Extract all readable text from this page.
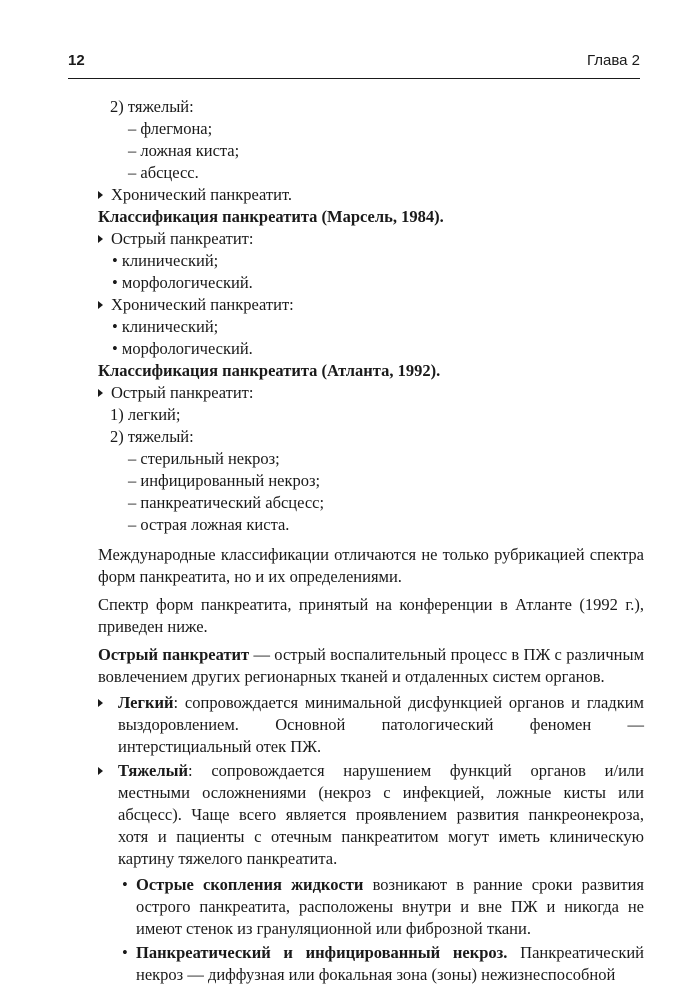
12	Глава 2
2) тяжелый:
– флегмона;
– ложная киста;
– абсцесс.
Хронический панкреатит.
Классификация панкреатита (Марсель, 1984).
Острый панкреатит:
• клинический;
• морфологический.
Хронический панкреатит:
• клинический;
• морфологический.
Классификация панкреатита (Атланта, 1992).
Острый панкреатит:
1) легкий;
2) тяжелый:
– стерильный некроз;
– инфицированный некроз;
– панкреатический абсцесс;
– острая ложная киста.

Международные классификации отличаются не только рубрикацией спектра форм панкреатита, но и их определениями.

Спектр форм панкреатита, принятый на конференции в Атланте (1992 г.), приведен ниже.

Острый панкреатит — острый воспалительный процесс в ПЖ с различным вовлечением других регионарных тканей и отдаленных систем органов.

Легкий: сопровождается минимальной дисфункцией органов и гладким выздоровлением. Основной патологический феномен — интерстициальный отек ПЖ.
Тяжелый: сопровождается нарушением функций органов и/или местными осложнениями (некроз с инфекцией, ложные кисты или абсцесс). Чаще всего является проявлением развития панкреонекроза, хотя и пациенты с отечным панкреатитом могут иметь клиническую картину тяжелого панкреатита.
• Острые скопления жидкости возникают в ранние сроки развития острого панкреатита, расположены внутри и вне ПЖ и никогда не имеют стенок из грануляционной или фиброзной ткани.
• Панкреатический и инфицированный некроз. Панкреатический некроз — диффузная или фокальная зона (зоны) нежизнеспособной
